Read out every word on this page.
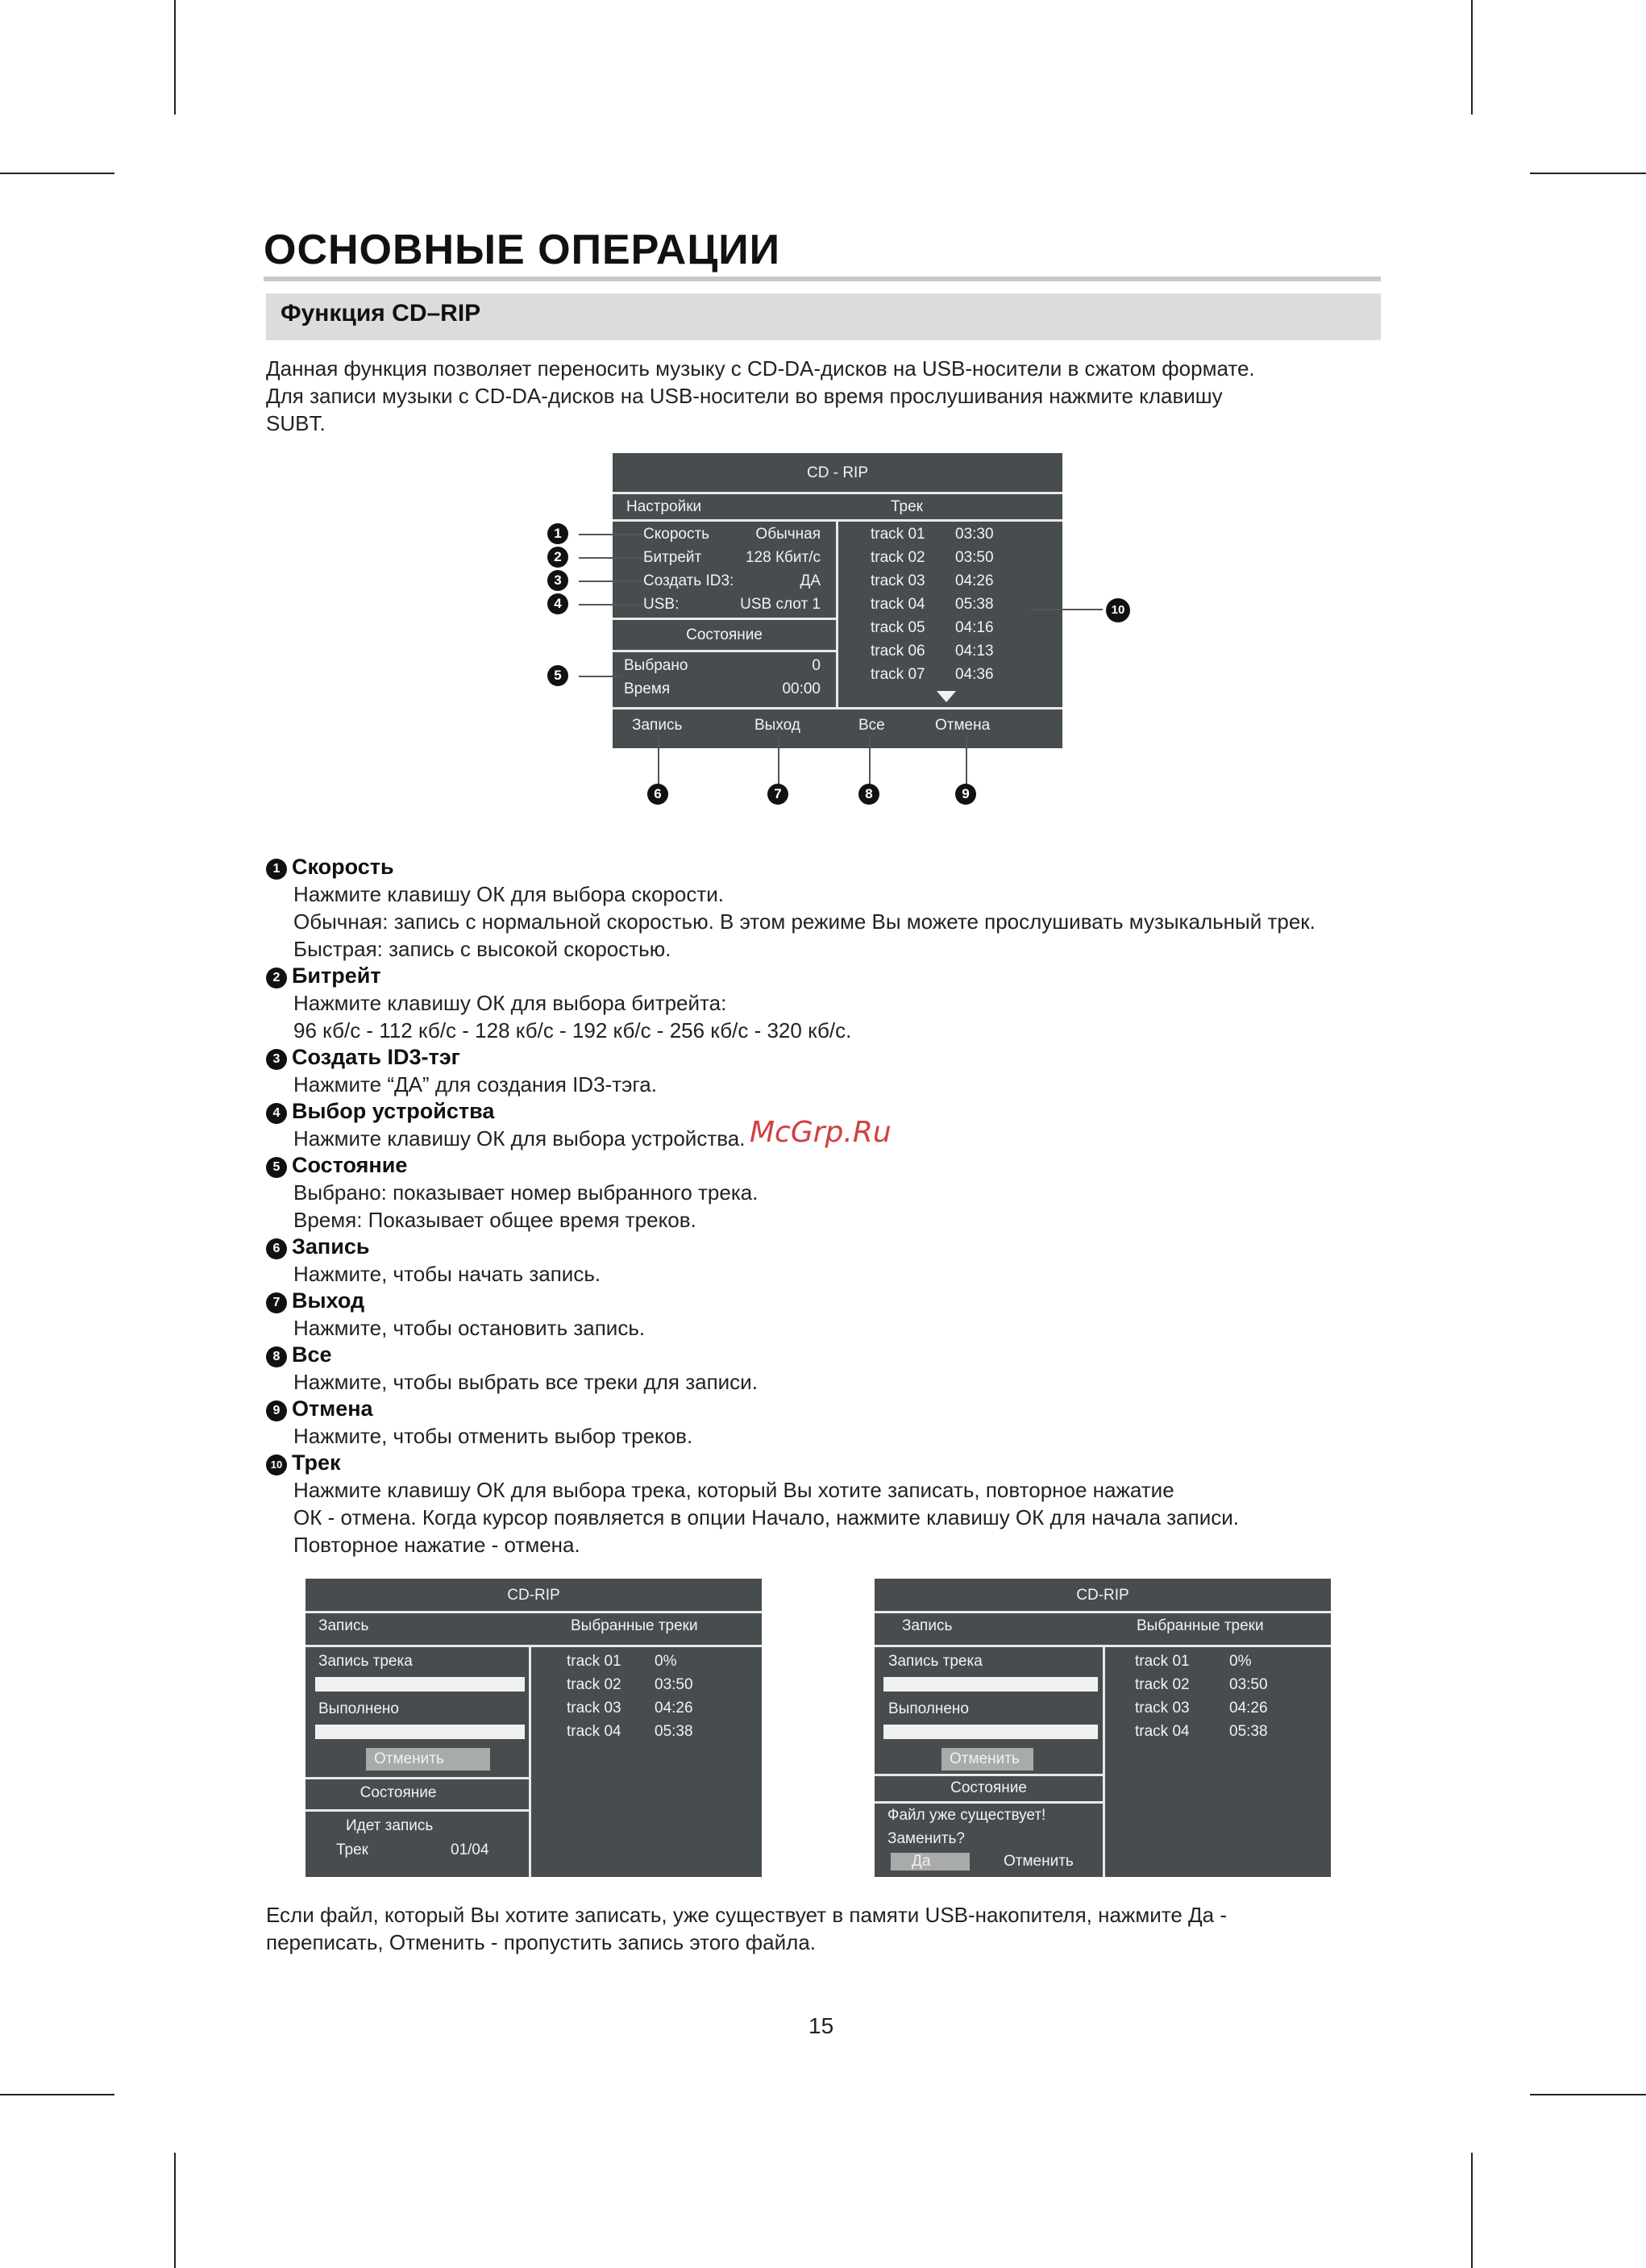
ОСНОВНЫЕ ОПЕРАЦИИ
Функция CD–RIP
Данная функция позволяет переносить музыку с CD-DA-дисков на USB-носители в сжатом формате.
Для записи музыки с CD-DA-дисков на USB-носители во время прослушивания нажмите клавишу
SUBT.
CD - RIP
Настройки	Трек
Скорость	Обычная
Битрейт	128 Кбит/с
Создать ID3:	ДА
USB:	USB слот 1
Состояние
Выбрано	0
Время	00:00
track 01 03:30
track 02 03:50
track 03 04:26
track 04 05:38
track 05 04:16
track 06 04:13
track 07 04:36
Запись	Выход	Все	Отмена
1
2
3
4
5
6	7	8	9
10
1 Скорость
Нажмите клавишу ОК для выбора скорости.
Обычная: запись с нормальной скоростью. В этом режиме Вы можете прослушивать музыкальный трек.
Быстрая: запись с высокой скоростью.
2 Битрейт
Нажмите клавишу ОК для выбора битрейта:
96 кб/с - 112 кб/с - 128 кб/с - 192 кб/с - 256 кб/с - 320 кб/с.
3 Создать ID3-тэг
Нажмите “ДА” для создания ID3-тэга.
4 Выбор устройства
Нажмите клавишу ОК для выбора устройства.
5 Состояние
Выбрано: показывает номер выбранного трека.
Время: Показывает общее время треков.
6 Запись
Нажмите, чтобы начать запись.
7 Выход
Нажмите, чтобы остановить запись.
8 Все
Нажмите, чтобы выбрать все треки для записи.
9 Отмена
Нажмите, чтобы отменить выбор треков.
10 Трек
Нажмите клавишу ОК для выбора трека, который Вы хотите записать, повторное нажатие
ОК - отмена. Когда курсор появляется в опции Начало, нажмите клавишу ОК для начала записи.
Повторное нажатие - отмена.
McGrp.Ru
CD-RIP
Запись	Выбранные треки
Запись трека
Выполнено
Отменить
Состояние
Идет запись
Трек	01/04
track 01 0%
track 02 03:50
track 03 04:26
track 04 05:38
CD-RIP
Запись	Выбранные треки
Запись трека
Выполнено
Отменить
Состояние
Файл уже существует!
Заменить?
Да	Отменить
track 01	0%
track 02	03:50
track 03	04:26
track 04	05:38
Если файл, который Вы хотите записать, уже существует в памяти USB-накопителя, нажмите Да -
переписать, Отменить - пропустить запись этого файла.
15
